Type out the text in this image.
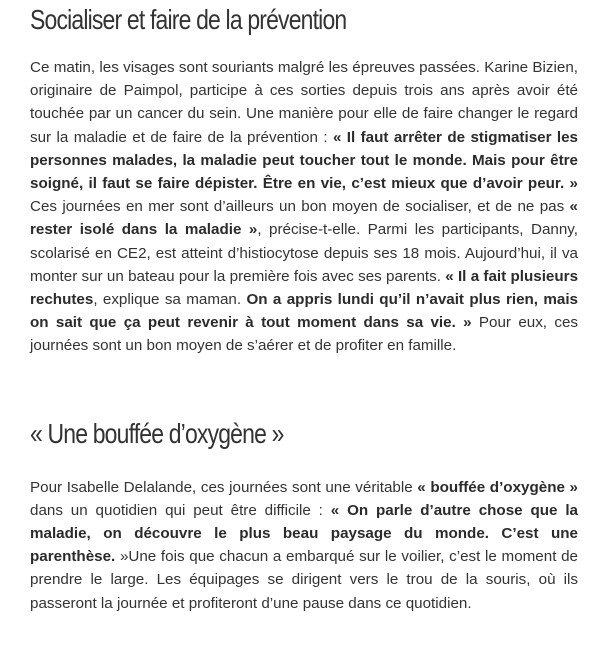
Socialiser et faire de la prévention

Ce matin, les visages sont souriants malgré les épreuves passées. Karine Bizien, originaire de Paimpol, participe à ces sorties depuis trois ans après avoir été touchée par un cancer du sein. Une manière pour elle de faire changer le regard sur la maladie et de faire de la prévention : « Il faut arrêter de stigmatiser les personnes malades, la maladie peut toucher tout le monde. Mais pour être soigné, il faut se faire dépister. Être en vie, c’est mieux que d’avoir peur. » Ces journées en mer sont d’ailleurs un bon moyen de socialiser, et de ne pas « rester isolé dans la maladie », précise-t-elle. Parmi les participants, Danny, scolarisé en CE2, est atteint d’histiocytose depuis ses 18 mois. Aujourd’hui, il va monter sur un bateau pour la première fois avec ses parents. « Il a fait plusieurs rechutes, explique sa maman. On a appris lundi qu’il n’avait plus rien, mais on sait que ça peut revenir à tout moment dans sa vie. » Pour eux, ces journées sont un bon moyen de s’aérer et de profiter en famille.

« Une bouffée d’oxygène »

Pour Isabelle Delalande, ces journées sont une véritable « bouffée d’oxygène » dans un quotidien qui peut être difficile : « On parle d’autre chose que la maladie, on découvre le plus beau paysage du monde. C’est une parenthèse. »Une fois que chacun a embarqué sur le voilier, c’est le moment de prendre le large. Les équipages se dirigent vers le trou de la souris, où ils passeront la journée et profiteront d’une pause dans ce quotidien.
